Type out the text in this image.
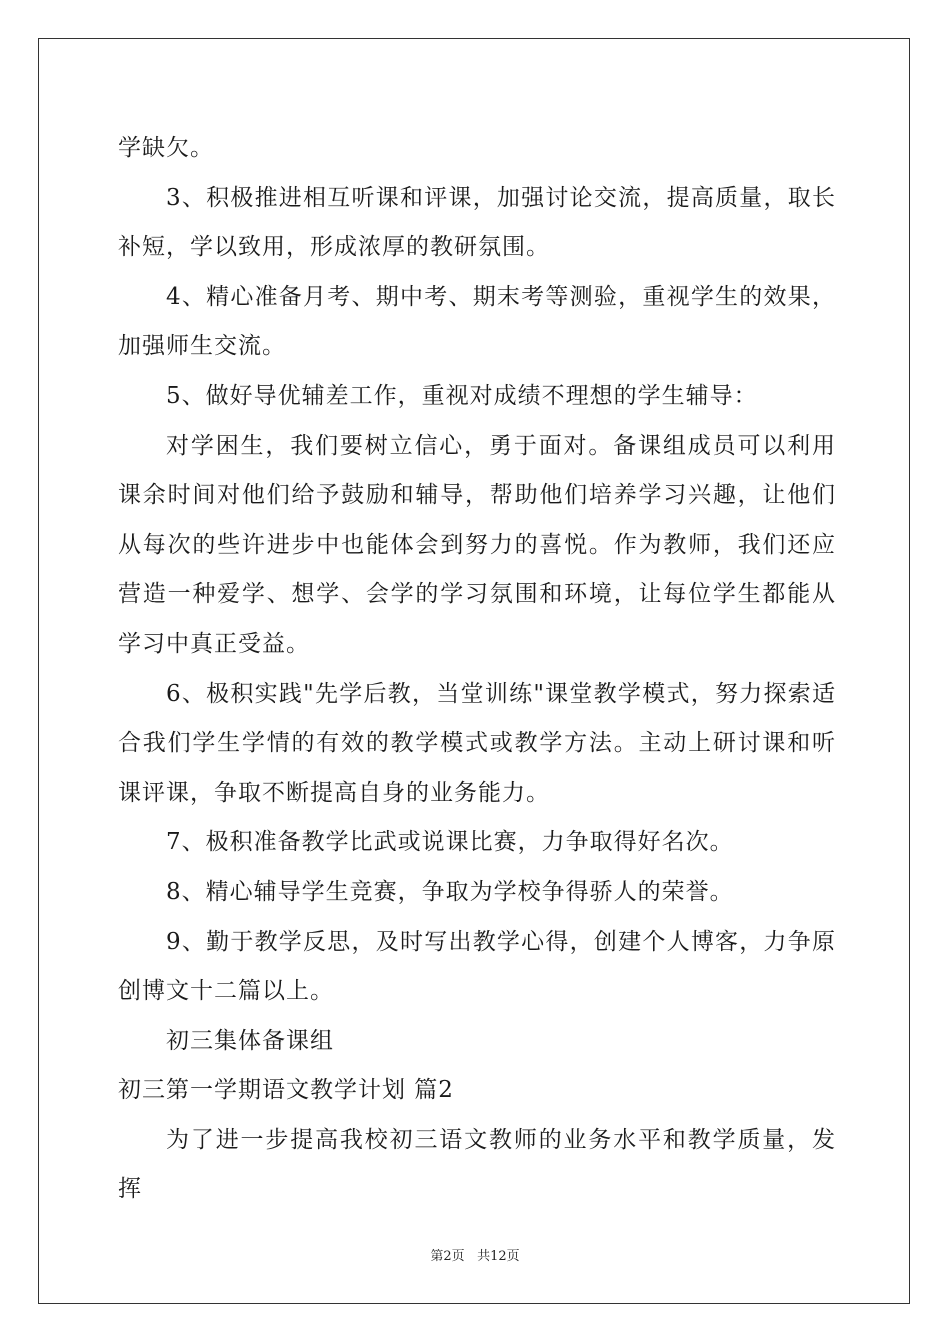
学缺欠。

3、积极推进相互听课和评课，加强讨论交流，提高质量，取长补短，学以致用，形成浓厚的教研氛围。

4、精心准备月考、期中考、期末考等测验，重视学生的效果，加强师生交流。

5、做好导优辅差工作，重视对成绩不理想的学生辅导：

对学困生，我们要树立信心，勇于面对。备课组成员可以利用课余时间对他们给予鼓励和辅导，帮助他们培养学习兴趣，让他们从每次的些许进步中也能体会到努力的喜悦。作为教师，我们还应营造一种爱学、想学、会学的学习氛围和环境，让每位学生都能从学习中真正受益。

6、极积实践"先学后教，当堂训练"课堂教学模式，努力探索适合我们学生学情的有效的教学模式或教学方法。主动上研讨课和听课评课，争取不断提高自身的业务能力。

7、极积准备教学比武或说课比赛，力争取得好名次。

8、精心辅导学生竞赛，争取为学校争得骄人的荣誉。

9、勤于教学反思，及时写出教学心得，创建个人博客，力争原创博文十二篇以上。

初三集体备课组

初三第一学期语文教学计划 篇2

为了进一步提高我校初三语文教师的业务水平和教学质量，发挥

第2页 共12页
